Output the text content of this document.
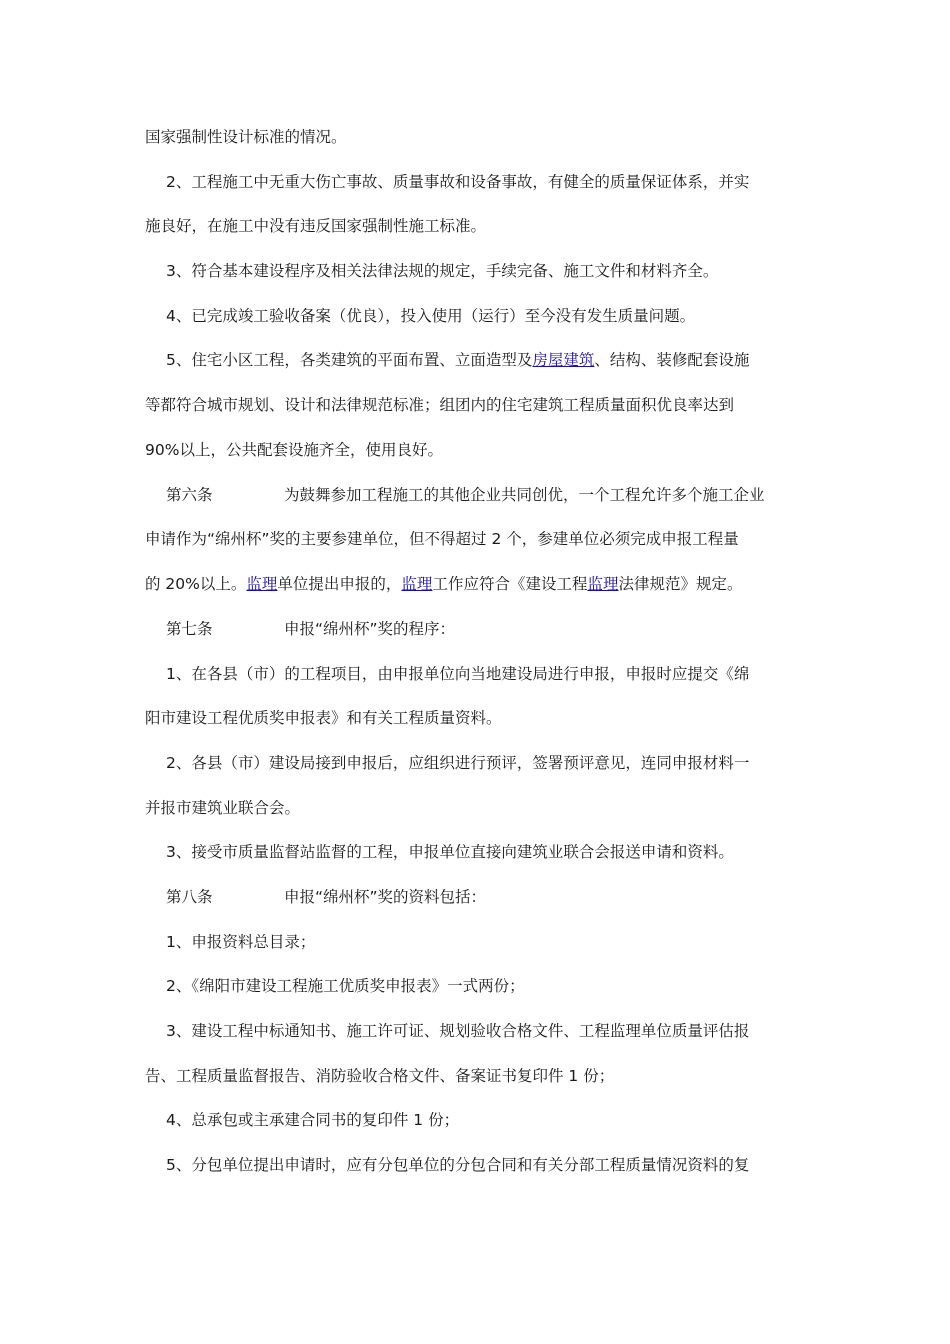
国家强制性设计标准的情况。
2、工程施工中无重大伤亡事故、质量事故和设备事故，有健全的质量保证体系，并实
施良好，在施工中没有违反国家强制性施工标准。
3、符合基本建设程序及相关法律法规的规定，手续完备、施工文件和材料齐全。
4、已完成竣工验收备案（优良），投入使用（运行）至今没有发生质量问题。
5、住宅小区工程，各类建筑的平面布置、立面造型及房屋建筑、结构、装修配套设施
等都符合城市规划、设计和法律规范标准；组团内的住宅建筑工程质量面积优良率达到
90%以上，公共配套设施齐全，使用良好。
第六条	为鼓舞参加工程施工的其他企业共同创优，一个工程允许多个施工企业
申请作为“绵州杯”奖的主要参建单位，但不得超过 2 个，参建单位必须完成申报工程量
的 20%以上。监理单位提出申报的，监理工作应符合《建设工程监理法律规范》规定。
第七条	申报“绵州杯”奖的程序：
1、在各县（市）的工程项目，由申报单位向当地建设局进行申报，申报时应提交《绵
阳市建设工程优质奖申报表》和有关工程质量资料。
2、各县（市）建设局接到申报后，应组织进行预评，签署预评意见，连同申报材料一
并报市建筑业联合会。
3、接受市质量监督站监督的工程，申报单位直接向建筑业联合会报送申请和资料。
第八条	申报“绵州杯”奖的资料包括：
1、申报资料总目录；
2、《绵阳市建设工程施工优质奖申报表》一式两份；
3、建设工程中标通知书、施工许可证、规划验收合格文件、工程监理单位质量评估报
告、工程质量监督报告、消防验收合格文件、备案证书复印件 1 份；
4、总承包或主承建合同书的复印件 1 份；
5、分包单位提出申请时，应有分包单位的分包合同和有关分部工程质量情况资料的复
